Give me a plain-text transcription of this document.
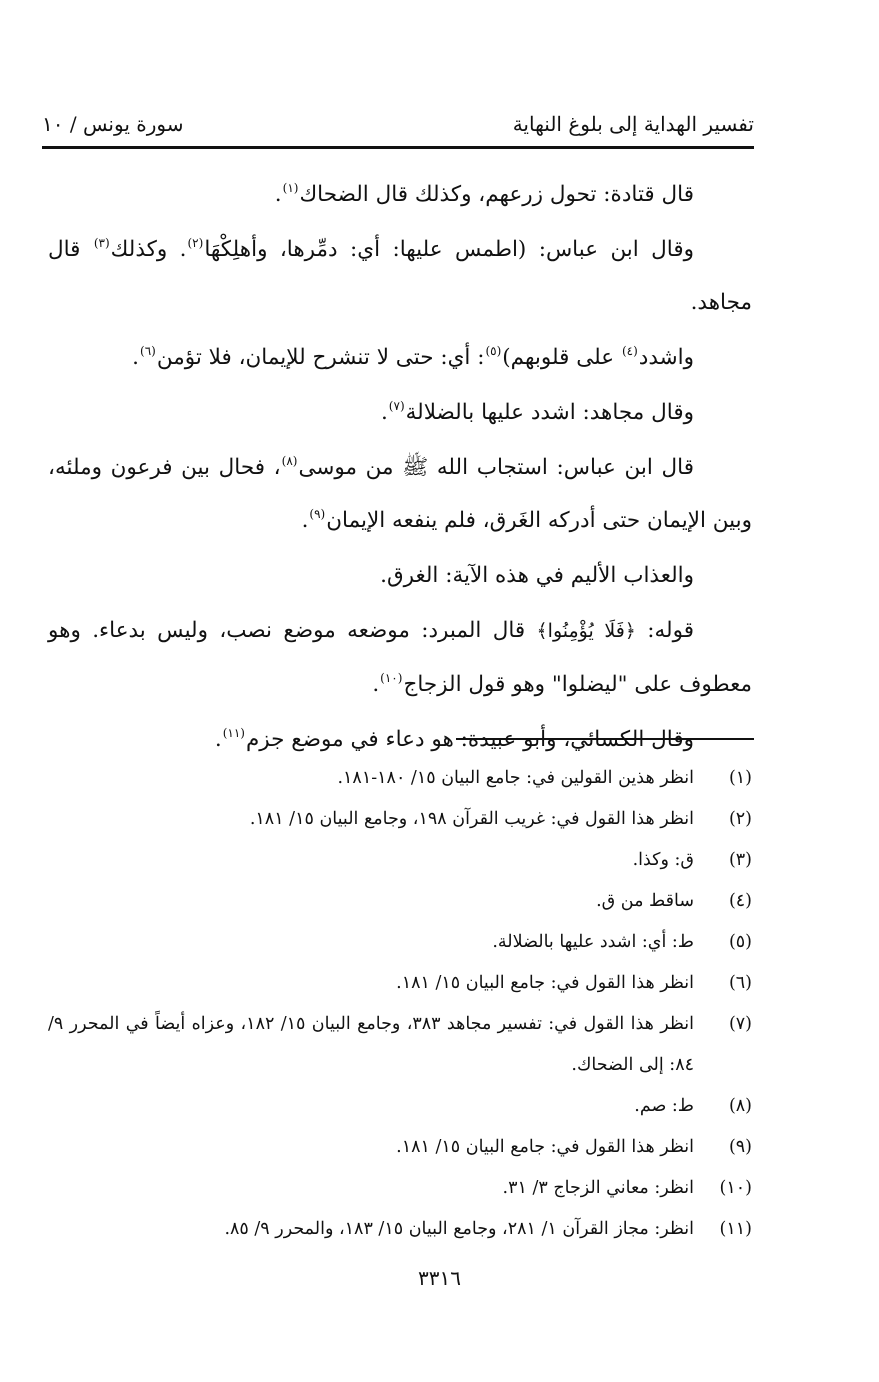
تفسير الهداية إلى بلوغ النهاية
سورة يونس / ١٠

قال قتادة: تحول زرعهم، وكذلك قال الضحاك$^{(١)}$.

وقال ابن عباس: (اطمس عليها: أي: دمِّرها، وأهلِكْهَا$^{(٢)}$. وكذلك$^{(٣)}$ قال مجاهد.

واشدد$^{(٤)}$ على قلوبهم)$^{(٥)}$: أي: حتى لا تنشرح للإيمان، فلا تؤمن$^{(٦)}$.

وقال مجاهد: اشدد عليها بالضلالة$^{(٧)}$.

قال ابن عباس: استجاب الله ﷺ من موسى$^{(٨)}$، فحال بين فرعون وملئه، وبين الإيمان حتى أدركه الغَرق، فلم ينفعه الإيمان$^{(٩)}$.

والعذاب الأليم في هذه الآية: الغرق.

قوله: ﴿فَلَا يُؤْمِنُوا﴾ قال المبرد: موضعه موضع نصب، وليس بدعاء. وهو معطوف على "ليضلوا" وهو قول الزجاج$^{(١٠)}$.

وقال الكسائي، وأبو عبيدة: هو دعاء في موضع جزم$^{(١١)}$.

(١)
انظر هذين القولين في: جامع البيان ١٥/ ١٨٠-١٨١.
(٢)
انظر هذا القول في: غريب القرآن ١٩٨، وجامع البيان ١٥/ ١٨١.
(٣)
ق: وكذا.
(٤)
ساقط من ق.
(٥)
ط: أي: اشدد عليها بالضلالة.
(٦)
انظر هذا القول في: جامع البيان ١٥/ ١٨١.
(٧)
انظر هذا القول في: تفسير مجاهد ٣٨٣، وجامع البيان ١٥/ ١٨٢، وعزاه أيضاً في المحرر ٩/ ٨٤: إلى الضحاك.
(٨)
ط: صم.
(٩)
انظر هذا القول في: جامع البيان ١٥/ ١٨١.
(١٠)
انظر: معاني الزجاج ٣/ ٣١.
(١١)
انظر: مجاز القرآن ١/ ٢٨١، وجامع البيان ١٥/ ١٨٣، والمحرر ٩/ ٨٥.
٣٣١٦
